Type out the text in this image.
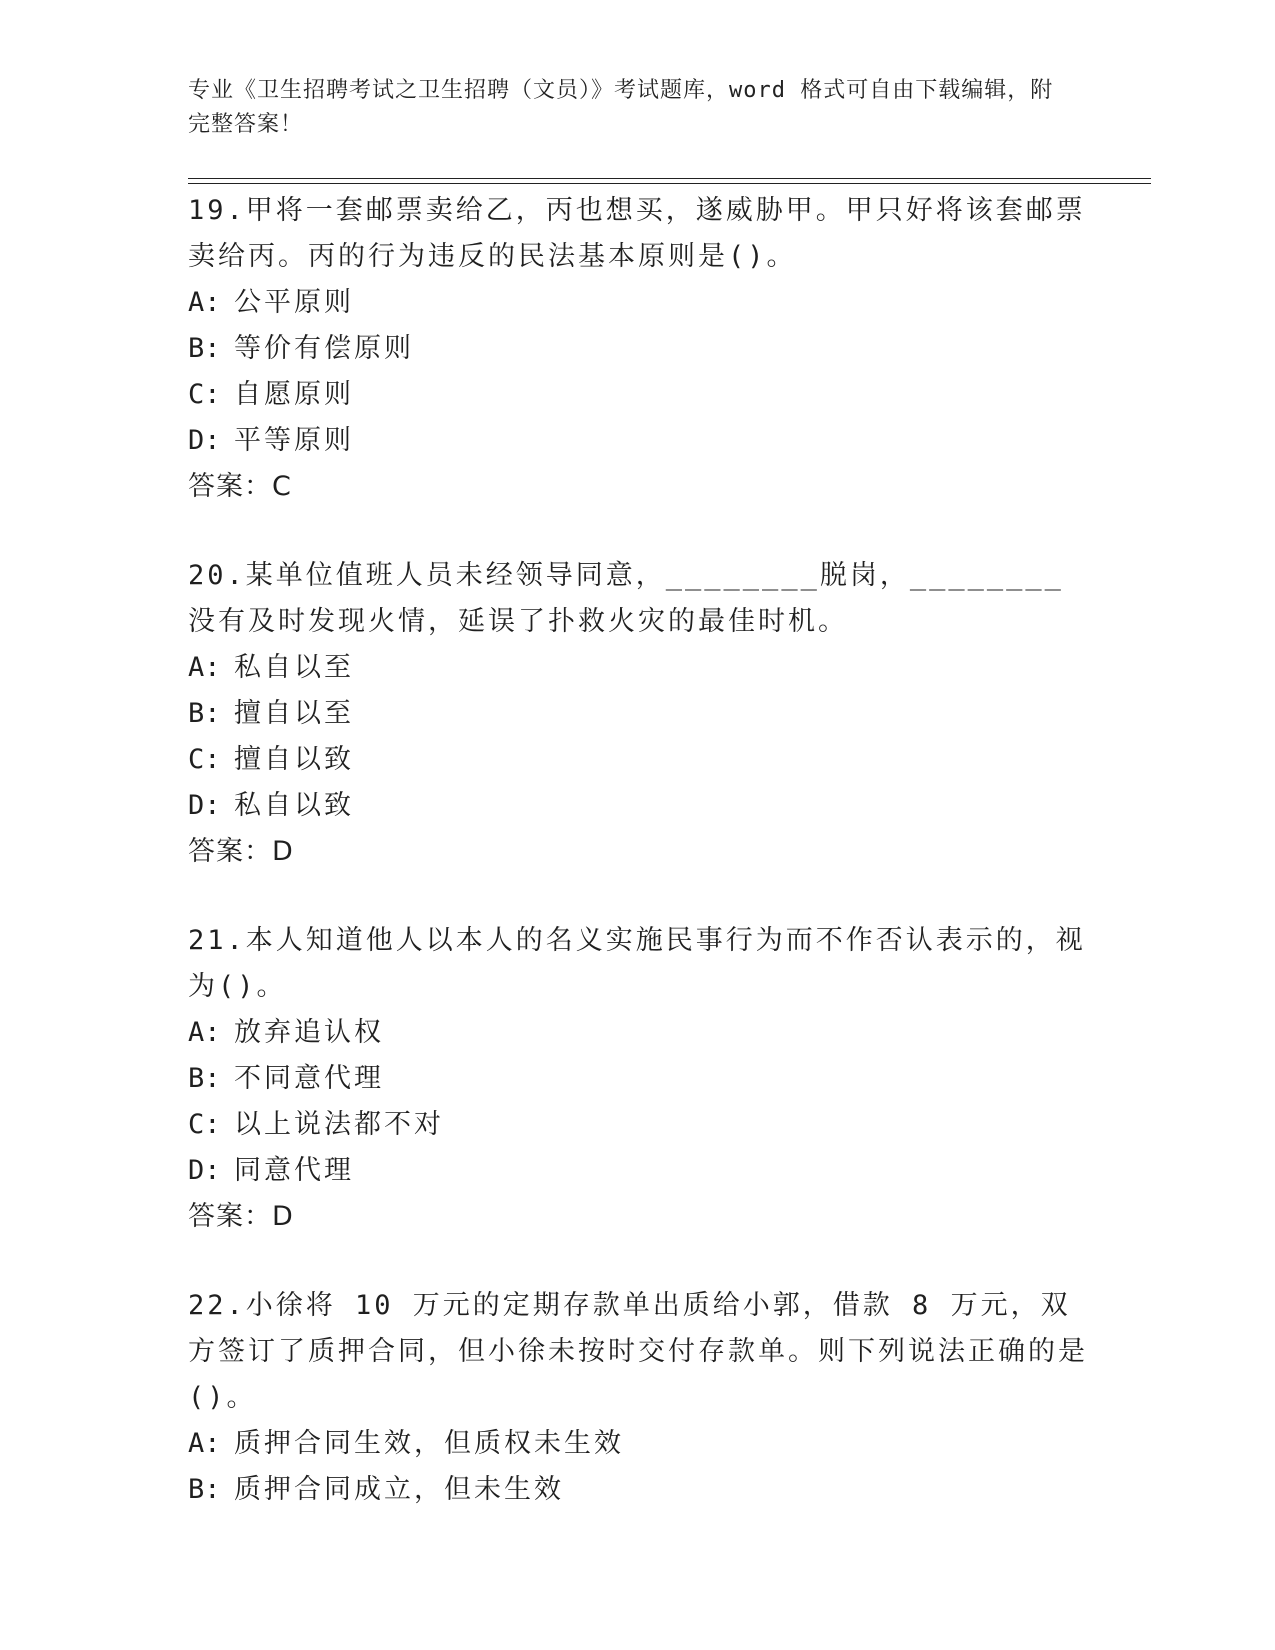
专业《卫生招聘考试之卫生招聘（文员）》考试题库，word 格式可自由下载编辑，附完整答案！

19.甲将一套邮票卖给乙，丙也想买，遂威胁甲。甲只好将该套邮票卖给丙。丙的行为违反的民法基本原则是()。

A: 公平原则

B: 等价有偿原则

C: 自愿原则

D: 平等原则

答案：C

20.某单位值班人员未经领导同意，________脱岗，________没有及时发现火情，延误了扑救火灾的最佳时机。

A: 私自以至

B: 擅自以至

C: 擅自以致

D: 私自以致

答案：D

21.本人知道他人以本人的名义实施民事行为而不作否认表示的，视为()。

A: 放弃追认权

B: 不同意代理

C: 以上说法都不对

D: 同意代理

答案：D

22.小徐将 10 万元的定期存款单出质给小郭，借款 8 万元，双方签订了质押合同，但小徐未按时交付存款单。则下列说法正确的是()。

A: 质押合同生效，但质权未生效

B: 质押合同成立，但未生效
